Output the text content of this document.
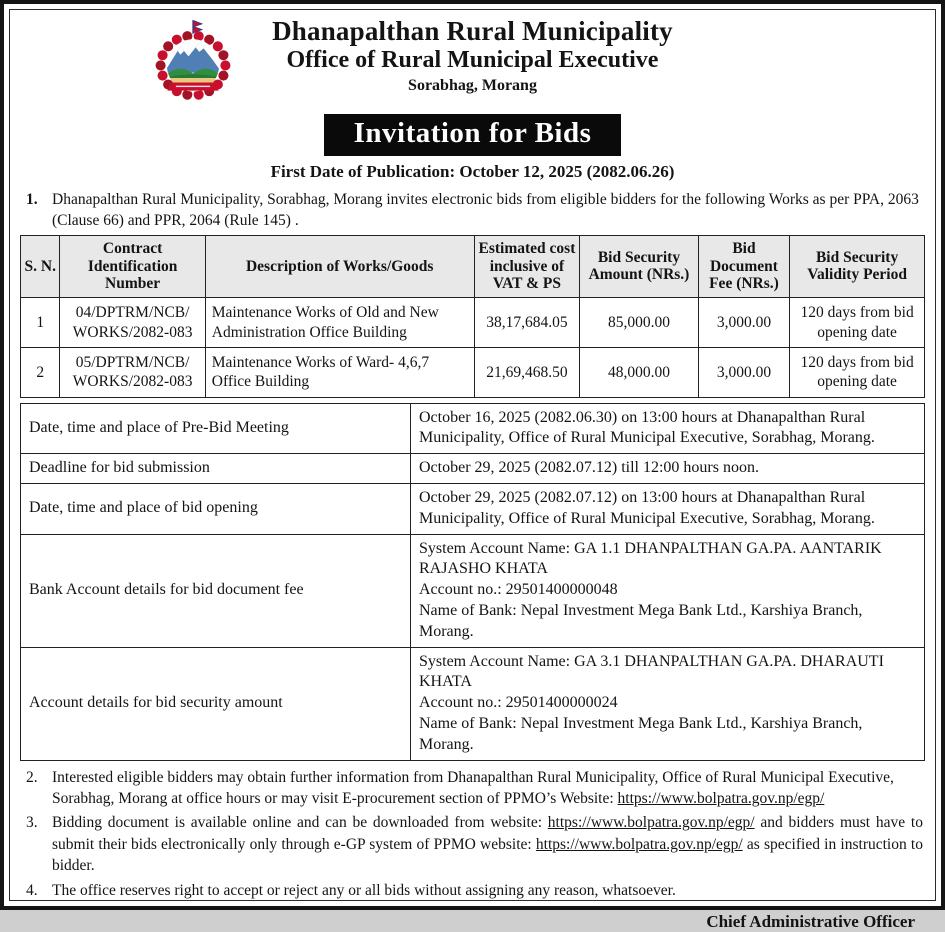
Dhanapalthan Rural Municipality
Office of Rural Municipal Executive
Sorabhag, Morang
Invitation for Bids
First Date of Publication: October 12, 2025 (2082.06.26)
1. Dhanapalthan Rural Municipality, Sorabhag, Morang invites electronic bids from eligible bidders for the following Works as per PPA, 2063 (Clause 66) and PPR, 2064 (Rule 145) .
S. N.	Contract Identification Number	Description of Works/Goods	Estimated cost inclusive of VAT & PS	Bid Security Amount (NRs.)	Bid Document Fee (NRs.)	Bid Security Validity Period
1	04/DPTRM/NCB/ WORKS/2082-083	Maintenance Works of Old and New Administration Office Building	38,17,684.05	85,000.00	3,000.00	120 days from bid opening date
2	05/DPTRM/NCB/ WORKS/2082-083	Maintenance Works of Ward- 4,6,7 Office Building	21,69,468.50	48,000.00	3,000.00	120 days from bid opening date
Date, time and place of Pre-Bid Meeting	October 16, 2025 (2082.06.30) on 13:00 hours at Dhanapalthan Rural Municipality, Office of Rural Municipal Executive, Sorabhag, Morang.
Deadline for bid submission	October 29, 2025 (2082.07.12) till 12:00 hours noon.
Date, time and place of bid opening	October 29, 2025 (2082.07.12) on 13:00 hours at Dhanapalthan Rural Municipality, Office of Rural Municipal Executive, Sorabhag, Morang.
Bank Account details for bid document fee	System Account Name: GA 1.1 DHANPALTHAN GA.PA. AANTARIK RAJASHO KHATA
Account no.: 29501400000048
Name of Bank: Nepal Investment Mega Bank Ltd., Karshiya Branch, Morang.
Account details for bid security amount	System Account Name: GA 3.1 DHANPALTHAN GA.PA. DHARAUTI KHATA
Account no.: 29501400000024
Name of Bank: Nepal Investment Mega Bank Ltd., Karshiya Branch, Morang.
2. Interested eligible bidders may obtain further information from Dhanapalthan Rural Municipality, Office of Rural Municipal Executive, Sorabhag, Morang at office hours or may visit E-procurement section of PPMO’s Website: https://www.bolpatra.gov.np/egp/
3. Bidding document is available online and can be downloaded from website: https://www.bolpatra.gov.np/egp/ and bidders must have to submit their bids electronically only through e-GP system of PPMO website: https://www.bolpatra.gov.np/egp/ as specified in instruction to bidder.
4. The office reserves right to accept or reject any or all bids without assigning any reason, whatsoever.
Chief Administrative Officer
